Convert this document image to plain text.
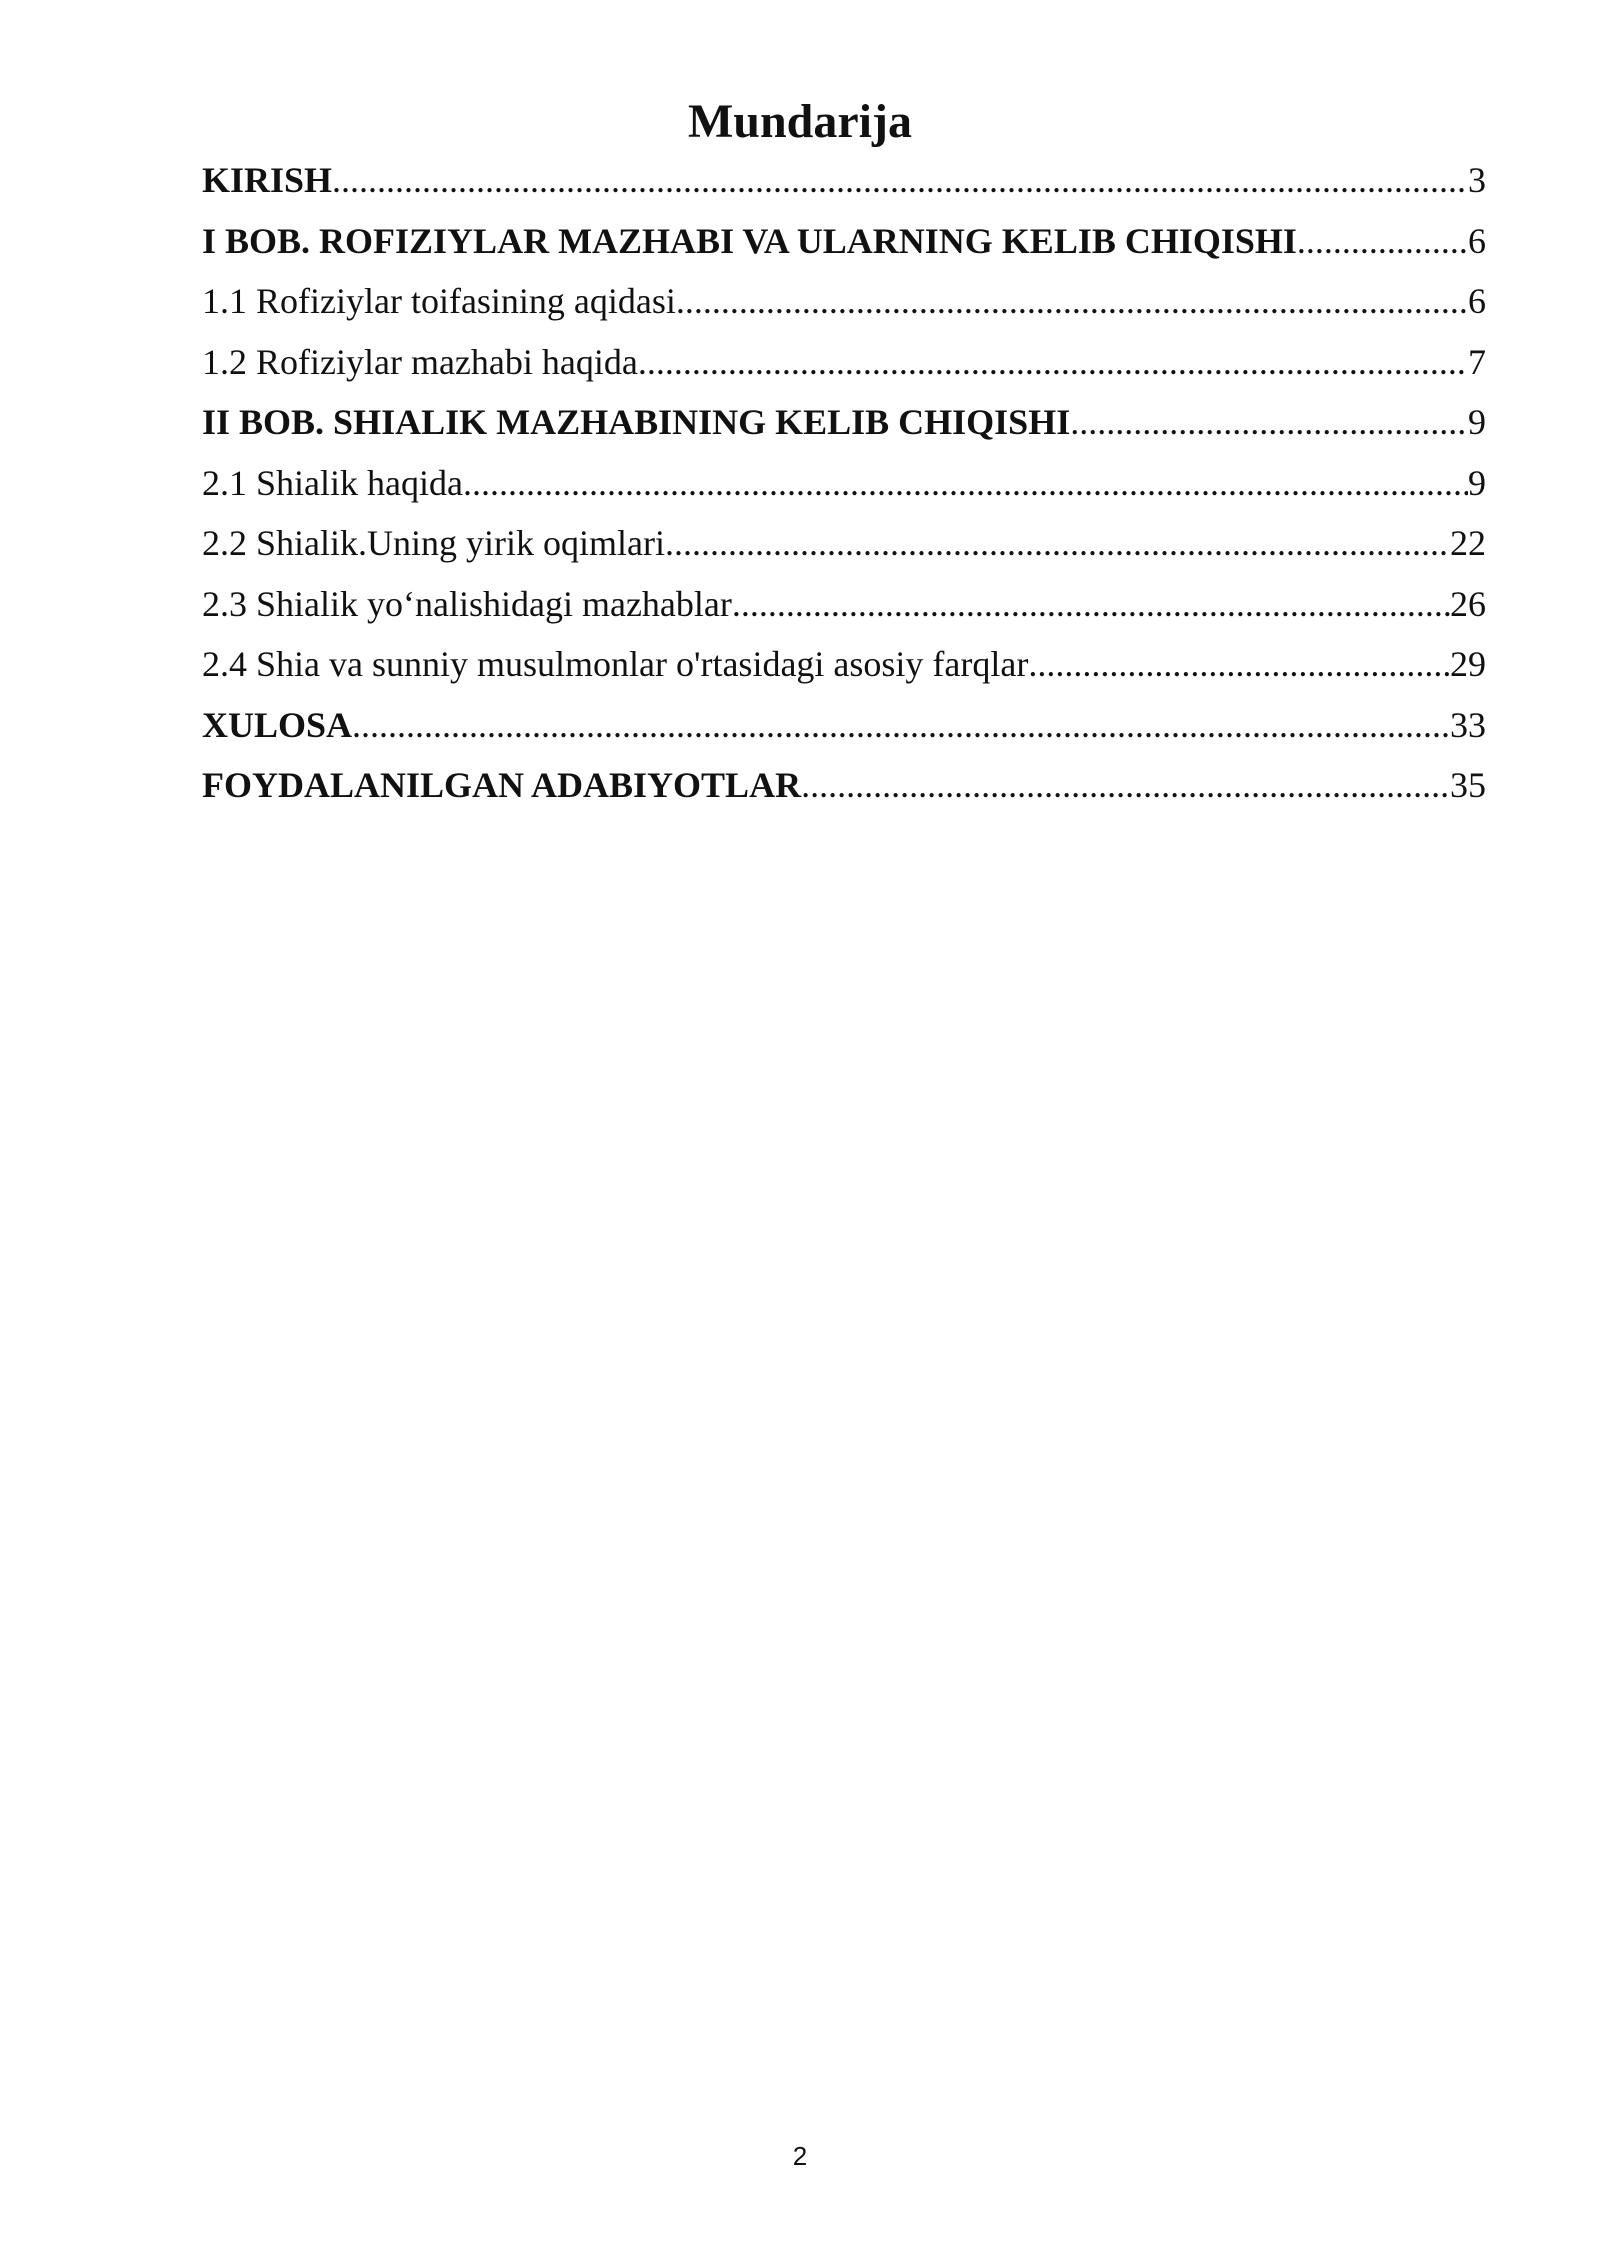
Mundarija
KIRISH .....	3
I BOB. ROFIZIYLAR MAZHABI VA ULARNING KELIB CHIQISHI .....	6
1.1 Rofiziylar toifasining aqidasi .....	6
1.2 Rofiziylar mazhabi haqida .....	7
II BOB. SHIALIK MAZHABINING KELIB CHIQISHI .....	9
2.1 Shialik haqida .....	9
2.2 Shialik.Uning yirik oqimlari .....	22
2.3 Shialik yo‘nalishidagi mazhablar .....	26
2.4 Shia va sunniy musulmonlar o'rtasidagi asosiy farqlar .....	29
XULOSA .....	33
FOYDALANILGAN ADABIYOTLAR .....	35
2
